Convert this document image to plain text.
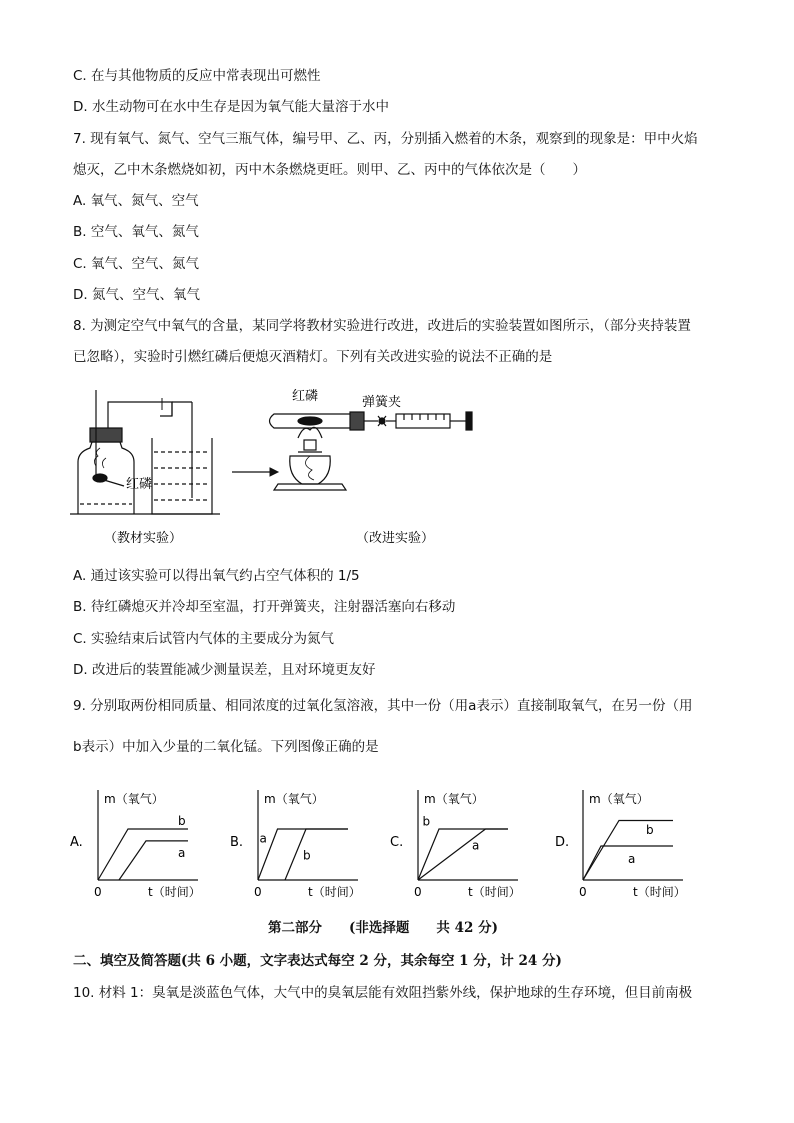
C. 在与其他物质的反应中常表现出可燃性
D. 水生动物可在水中生存是因为氧气能大量溶于水中
7. 现有氧气、氮气、空气三瓶气体，编号甲、乙、丙，分别插入燃着的木条，观察到的现象是：甲中火焰
熄灭，乙中木条燃烧如初，丙中木条燃烧更旺。则甲、乙、丙中的气体依次是（　　）
A. 氧气、氮气、空气
B. 空气、氧气、氮气
C. 氧气、空气、氮气
D. 氮气、空气、氧气
8. 为测定空气中氧气的含量，某同学将教材实验进行改进，改进后的实验装置如图所示，（部分夹持装置
已忽略），实验时引燃红磷后便熄灭酒精灯。下列有关改进实验的说法不正确的是
红磷
红磷	弹簧夹
（教材实验）	（改进实验）
A. 通过该实验可以得出氧气约占空气体积的 1/5
B. 待红磷熄灭并冷却至室温，打开弹簧夹，注射器活塞向右移动
C. 实验结束后试管内气体的主要成分为氮气
D. 改进后的装置能减少测量误差，且对环境更友好
9. 分别取两份相同质量、相同浓度的过氧化氢溶液，其中一份（用a表示）直接制取氧气，在另一份（用
b表示）中加入少量的二氧化锰。下列图像正确的是
A.
m（氧气）
t（时间）
0
b
a
B.
m（氧气）
t（时间）
0
a
b
C.
m（氧气）
t（时间）
0
b
a	D.
m（氧气）
t（时间）
0
b
a
第二部分　　(非选择题　　共 42 分)
二、填空及简答题(共 6 小题，文字表达式每空 2 分，其余每空 1 分，计 24 分)
10. 材料 1：臭氧是淡蓝色气体，大气中的臭氧层能有效阻挡紫外线，保护地球的生存环境，但目前南极
